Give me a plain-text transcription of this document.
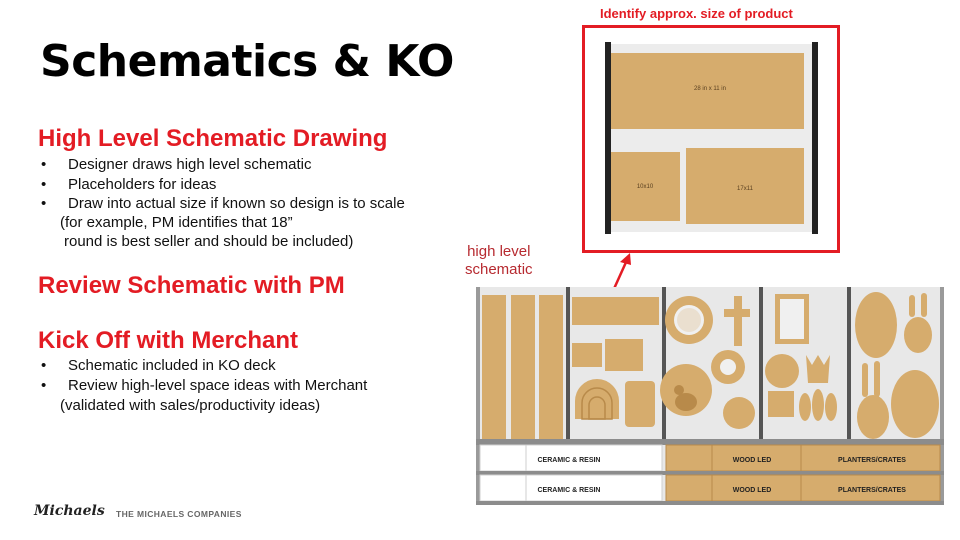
Schematics & KO
High Level Schematic Drawing
• Designer draws high level schematic
• Placeholders for ideas
• Draw into actual size if known so design is to scale
(for example, PM identifies that 18”
round is best seller and should be included)
Review Schematic with PM
Kick Off with Merchant
• Schematic included in KO deck
• Review high-level space ideas with Merchant
(validated with sales/productivity ideas)
Michaels THE MICHAELS COMPANIES
Identify approx. size of product
28 in x 11 in
10x10	17x11
high level
schematic
CERAMIC & RESIN
CERAMIC & RESIN
WOOD LED
WOOD LED
PLANTERS/CRATES
PLANTERS/CRATES
